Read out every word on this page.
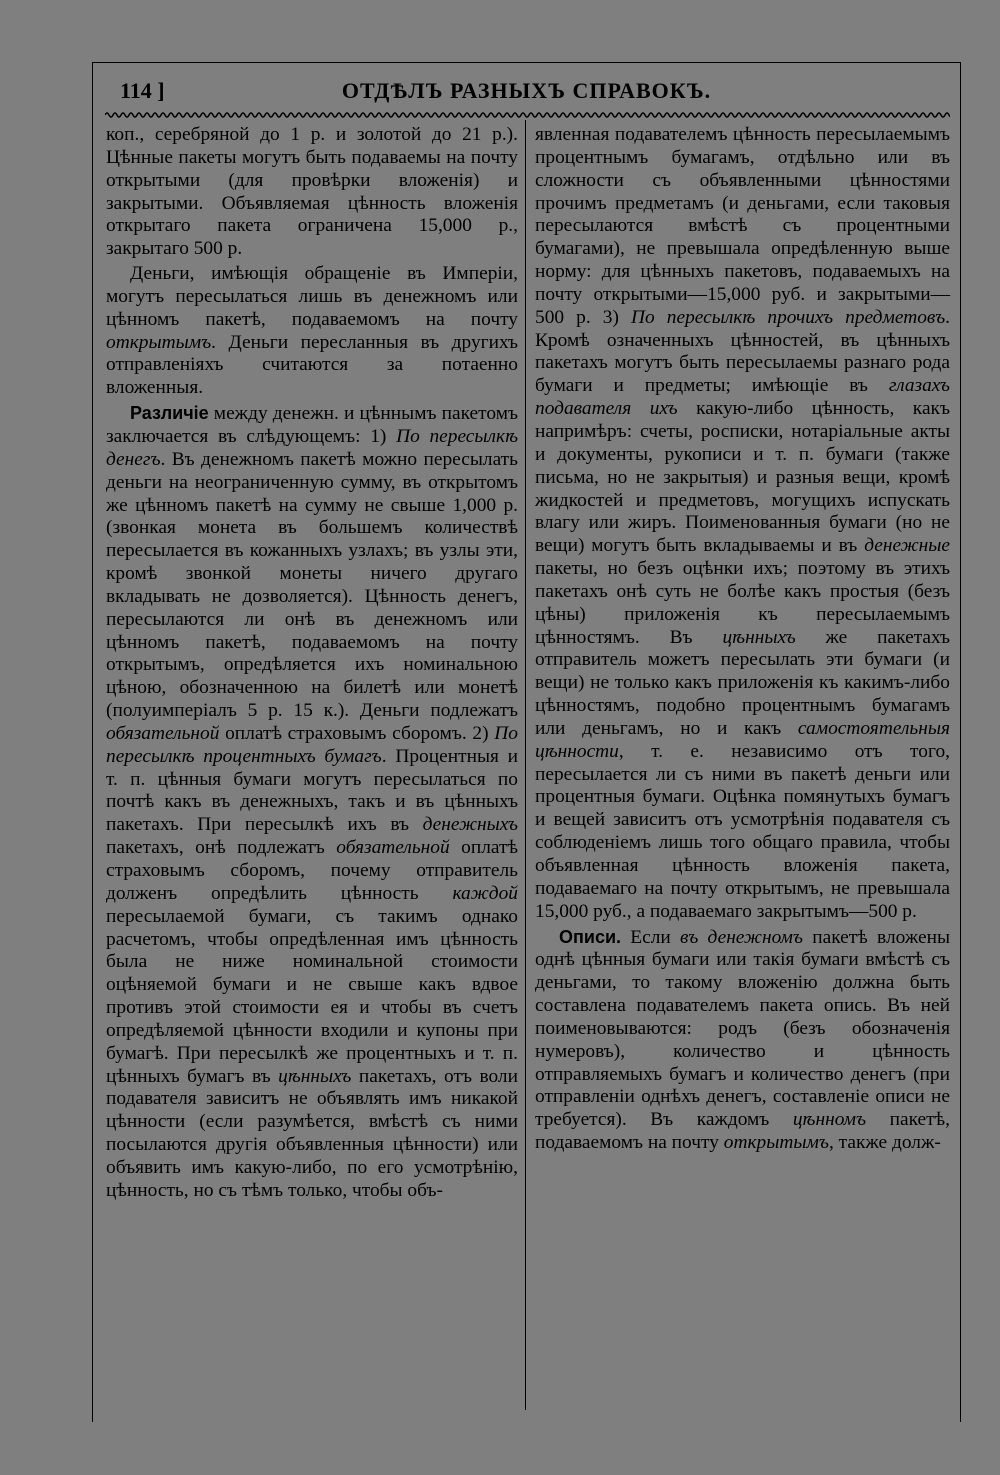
114 ]	ОТДѢЛЪ РАЗНЫХЪ СПРАВОКЪ.

коп., серебряной до 1 р. и золотой до 21 р.). Цѣнные пакеты могутъ быть подаваемы на почту открытыми (для провѣрки вложенія) и закрытыми. Объявляемая цѣнность вложенія открытаго пакета ограничена 15,000 р., закрытаго 500 р.

Деньги, имѣющія обращеніе въ Имперіи, могутъ пересылаться лишь въ денежномъ или цѣнномъ пакетѣ, подаваемомъ на почту открытымъ. Деньги пересланныя въ другихъ отправленіяхъ считаются за потаенно вложенныя.

Различіе между денежн. и цѣннымъ пакетомъ заключается въ слѣдующемъ: 1) По пересылкѣ денегъ. Въ денежномъ пакетѣ можно пересылать деньги на неограниченную сумму, въ открытомъ же цѣнномъ пакетѣ на сумму не свыше 1,000 р. (звонкая монета въ большемъ количествѣ пересылается въ кожанныхъ узлахъ; въ узлы эти, кромѣ звонкой монеты ничего другаго вкладывать не дозволяется). Цѣнность денегъ, пересылаются ли онѣ въ денежномъ или цѣнномъ пакетѣ, подаваемомъ на почту открытымъ, опредѣляется ихъ номинальною цѣною, обозначенною на билетѣ или монетѣ (полуимперіалъ 5 р. 15 к.). Деньги подлежатъ обязательной оплатѣ страховымъ сборомъ. 2) По пересылкѣ процентныхъ бумагъ. Процентныя и т. п. цѣнныя бумаги могутъ пересылаться по почтѣ какъ въ денежныхъ, такъ и въ цѣнныхъ пакетахъ. При пересылкѣ ихъ въ денежныхъ пакетахъ, онѣ подлежатъ обязательной оплатѣ страховымъ сборомъ, почему отправитель долженъ опредѣлить цѣнность каждой пересылаемой бумаги, съ такимъ однако расчетомъ, чтобы опредѣленная имъ цѣнность была не ниже номинальной стоимости оцѣняемой бумаги и не свыше какъ вдвое противъ этой стоимости ея и чтобы въ счетъ опредѣляемой цѣнности входили и купоны при бумагѣ. При пересылкѣ же процентныхъ и т. п. цѣнныхъ бумагъ въ цѣнныхъ пакетахъ, отъ воли подавателя зависитъ не объявлять имъ никакой цѣнности (если разумѣется, вмѣстѣ съ ними посылаются другія объявленныя цѣнности) или объявить имъ какую-либо, по его усмотрѣнію, цѣнность, но съ тѣмъ только, чтобы объ-

явленная подавателемъ цѣнность пересылаемымъ процентнымъ бумагамъ, отдѣльно или въ сложности съ объявленными цѣнностями прочимъ предметамъ (и деньгами, если таковыя пересылаются вмѣстѣ съ процентными бумагами), не превышала опредѣленную выше норму: для цѣнныхъ пакетовъ, подаваемыхъ на почту открытыми—15,000 руб. и закрытыми—500 р. 3) По пересылкѣ прочихъ предметовъ. Кромѣ означенныхъ цѣнностей, въ цѣнныхъ пакетахъ могутъ быть пересылаемы разнаго рода бумаги и предметы; имѣющіе въ глазахъ подавателя ихъ какую-либо цѣнность, какъ напримѣръ: счеты, росписки, нотаріальные акты и документы, рукописи и т. п. бумаги (также письма, но не закрытыя) и разныя вещи, кромѣ жидкостей и предметовъ, могущихъ испускать влагу или жиръ. Поименованныя бумаги (но не вещи) могутъ быть вкладываемы и въ денежные пакеты, но безъ оцѣнки ихъ; поэтому въ этихъ пакетахъ онѣ суть не болѣе какъ простыя (безъ цѣны) приложенія къ пересылаемымъ цѣнностямъ. Въ цѣнныхъ же пакетахъ отправитель можетъ пересылать эти бумаги (и вещи) не только какъ приложенія къ какимъ-либо цѣнностямъ, подобно процентнымъ бумагамъ или деньгамъ, но и какъ самостоятельныя цѣнности, т. е. независимо отъ того, пересылается ли съ ними въ пакетѣ деньги или процентныя бумаги. Оцѣнка помянутыхъ бумагъ и вещей зависитъ отъ усмотрѣнія подавателя съ соблюденіемъ лишь того общаго правила, чтобы объявленная цѣнность вложенія пакета, подаваемаго на почту открытымъ, не превышала 15,000 руб., а подаваемаго закрытымъ—500 р.

Описи. Если въ денежномъ пакетѣ вложены однѣ цѣнныя бумаги или такія бумаги вмѣстѣ съ деньгами, то такому вложенію должна быть составлена подавателемъ пакета опись. Въ ней поименовываются: родъ (безъ обозначенія нумеровъ), количество и цѣнность отправляемыхъ бумагъ и количество денегъ (при отправленіи однѣхъ денегъ, составленіе описи не требуется). Въ каждомъ цѣнномъ пакетѣ, подаваемомъ на почту открытымъ, также долж-
